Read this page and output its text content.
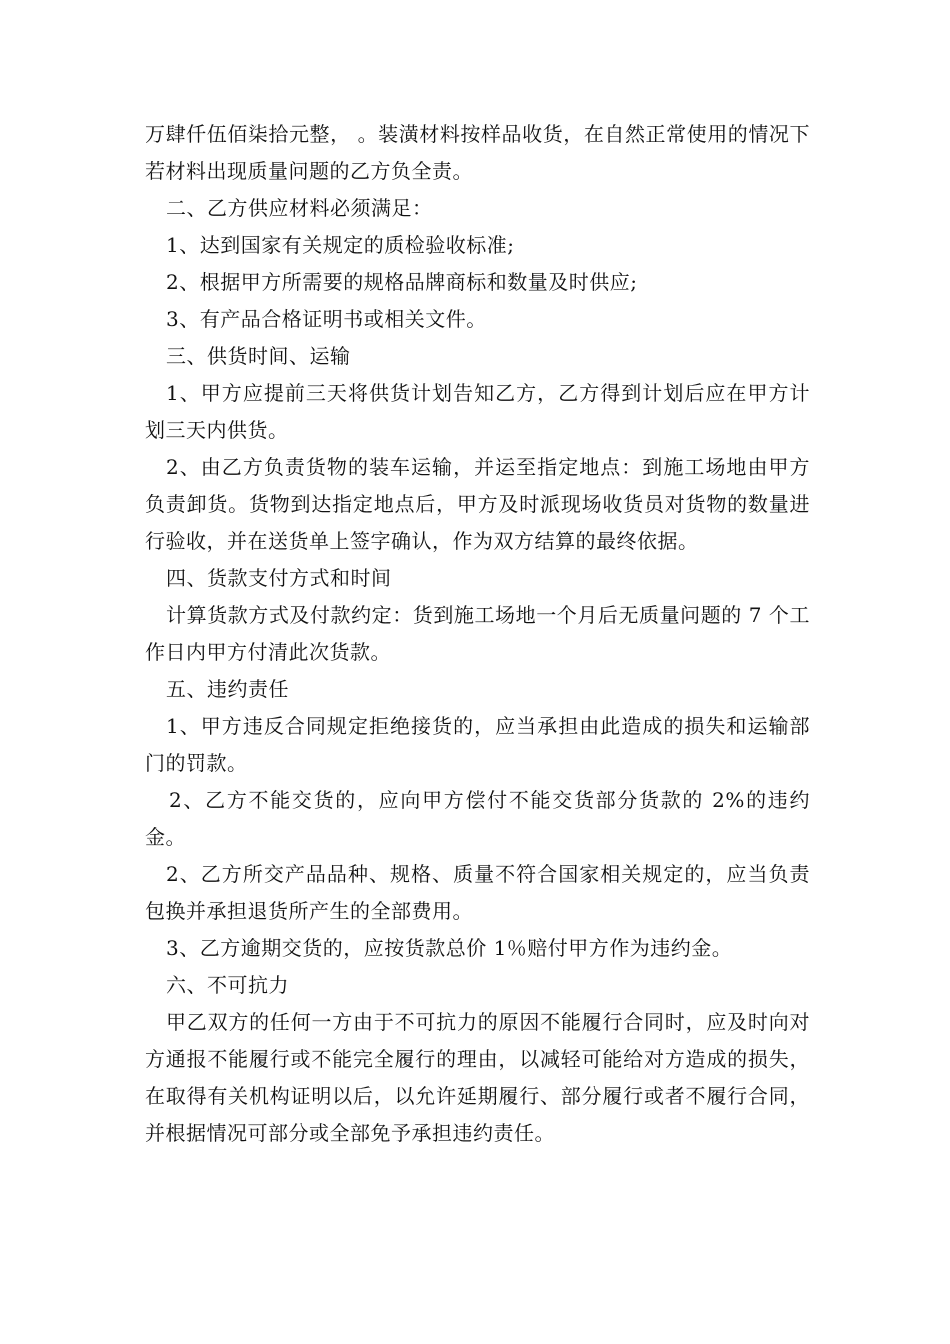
万肆仟伍佰柒拾元整， 。装潢材料按样品收货，在自然正常使用的情况下若材料出现质量问题的乙方负全责。

二、乙方供应材料必须满足：

1、达到国家有关规定的质检验收标准;

2、根据甲方所需要的规格品牌商标和数量及时供应;

3、有产品合格证明书或相关文件。

三、供货时间、运输

1、甲方应提前三天将供货计划告知乙方，乙方得到计划后应在甲方计划三天内供货。

2、由乙方负责货物的装车运输，并运至指定地点：到施工场地由甲方负责卸货。货物到达指定地点后，甲方及时派现场收货员对货物的数量进行验收，并在送货单上签字确认，作为双方结算的最终依据。

四、货款支付方式和时间

计算货款方式及付款约定：货到施工场地一个月后无质量问题的 7 个工作日内甲方付清此次货款。

五、违约责任

1、甲方违反合同规定拒绝接货的，应当承担由此造成的损失和运输部门的罚款。

2、乙方不能交货的，应向甲方偿付不能交货部分货款的 2%的违约金。

2、乙方所交产品品种、规格、质量不符合国家相关规定的，应当负责包换并承担退货所产生的全部费用。

3、乙方逾期交货的，应按货款总价 1％赔付甲方作为违约金。

六、不可抗力

甲乙双方的任何一方由于不可抗力的原因不能履行合同时，应及时向对方通报不能履行或不能完全履行的理由，以减轻可能给对方造成的损失，在取得有关机构证明以后，以允许延期履行、部分履行或者不履行合同，并根据情况可部分或全部免予承担违约责任。
